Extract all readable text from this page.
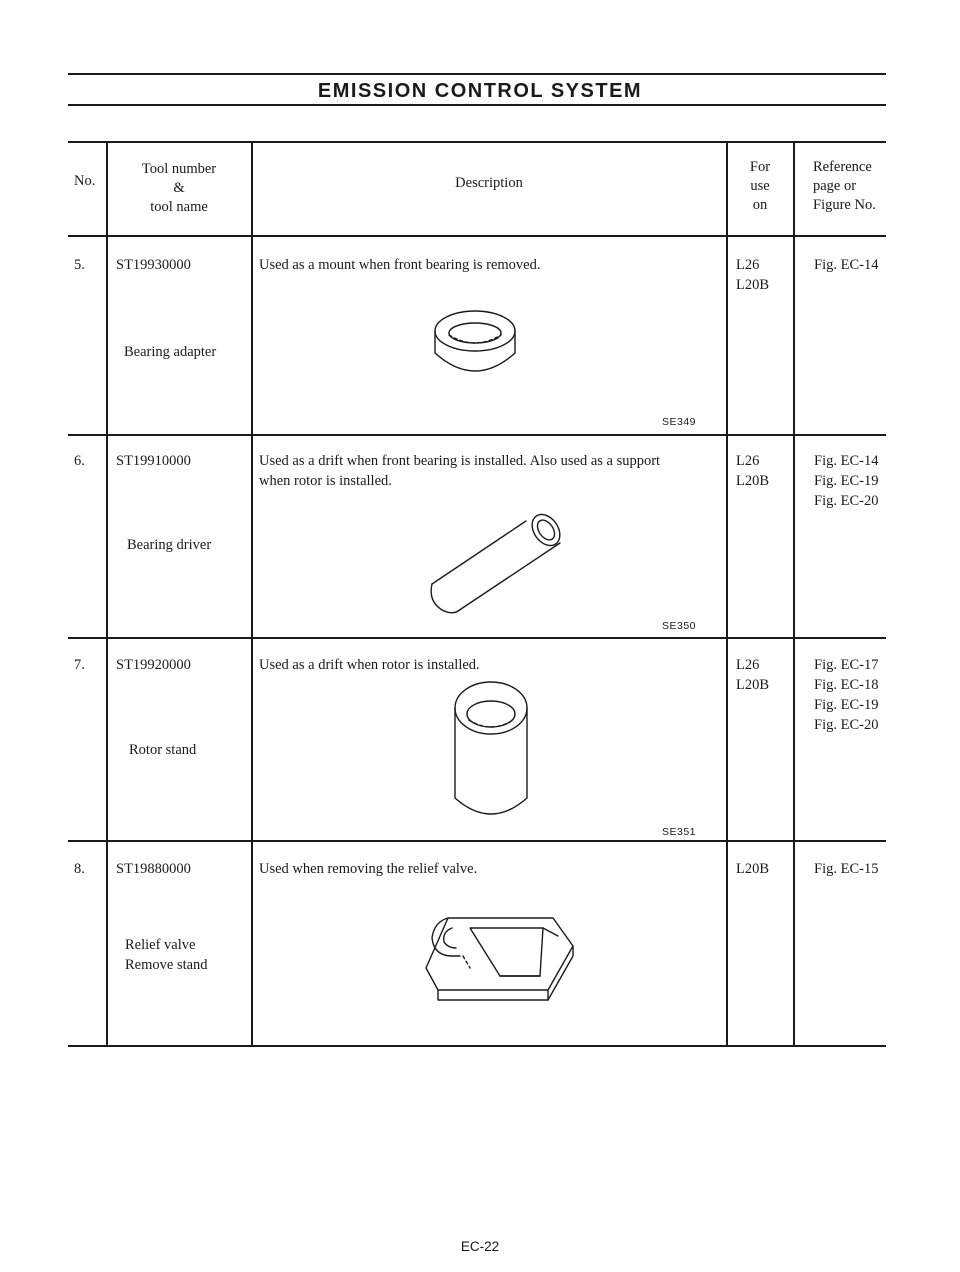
EMISSION CONTROL SYSTEM
No.
Tool number
&
tool name
Description
For
use
on
Reference
page or
Figure No.
5. ST19930000
Bearing adapter
Used as a mount when front bearing is removed.
SE349
L26
L20B
Fig. EC-14
6. ST19910000
Bearing driver
Used as a drift when front bearing is installed. Also used as a support
when rotor is installed.
SE350
L26
L20B
Fig. EC-14
Fig. EC-19
Fig. EC-20
7. ST19920000
Rotor stand
Used as a drift when rotor is installed.
SE351
L26
L20B
Fig. EC-17
Fig. EC-18
Fig. EC-19
Fig. EC-20
8. ST19880000
Relief valve
Remove stand
Used when removing the relief valve.	L20B	Fig. EC-15
EC-22
